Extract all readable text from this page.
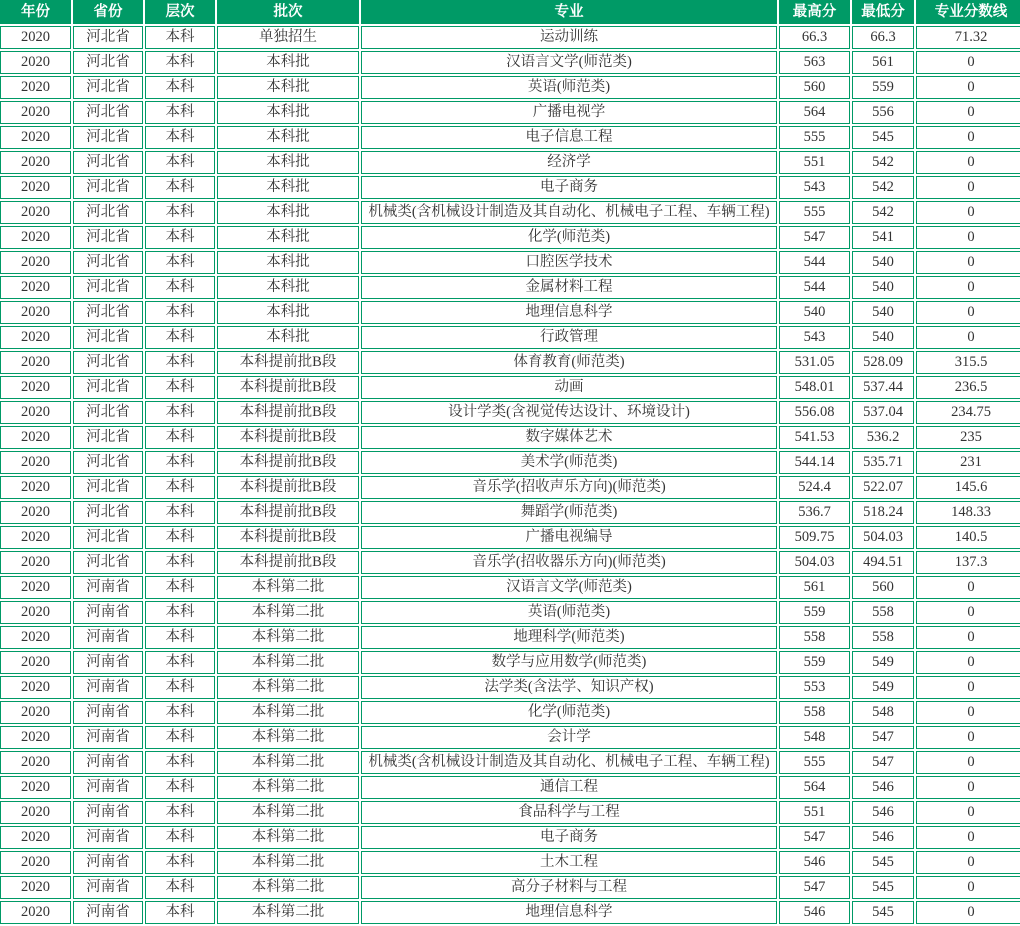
年份	省份	层次	批次	专业	最高分	最低分	专业分数线
2020	河北省	本科	单独招生	运动训练	66.3	66.3	71.32
2020	河北省	本科	本科批	汉语言文学(师范类)	563	561	0
2020	河北省	本科	本科批	英语(师范类)	560	559	0
2020	河北省	本科	本科批	广播电视学	564	556	0
2020	河北省	本科	本科批	电子信息工程	555	545	0
2020	河北省	本科	本科批	经济学	551	542	0
2020	河北省	本科	本科批	电子商务	543	542	0
2020	河北省	本科	本科批	机械类(含机械设计制造及其自动化、机械电子工程、车辆工程)	555	542	0
2020	河北省	本科	本科批	化学(师范类)	547	541	0
2020	河北省	本科	本科批	口腔医学技术	544	540	0
2020	河北省	本科	本科批	金属材料工程	544	540	0
2020	河北省	本科	本科批	地理信息科学	540	540	0
2020	河北省	本科	本科批	行政管理	543	540	0
2020	河北省	本科	本科提前批B段	体育教育(师范类)	531.05	528.09	315.5
2020	河北省	本科	本科提前批B段	动画	548.01	537.44	236.5
2020	河北省	本科	本科提前批B段	设计学类(含视觉传达设计、环境设计)	556.08	537.04	234.75
2020	河北省	本科	本科提前批B段	数字媒体艺术	541.53	536.2	235
2020	河北省	本科	本科提前批B段	美术学(师范类)	544.14	535.71	231
2020	河北省	本科	本科提前批B段	音乐学(招收声乐方向)(师范类)	524.4	522.07	145.6
2020	河北省	本科	本科提前批B段	舞蹈学(师范类)	536.7	518.24	148.33
2020	河北省	本科	本科提前批B段	广播电视编导	509.75	504.03	140.5
2020	河北省	本科	本科提前批B段	音乐学(招收器乐方向)(师范类)	504.03	494.51	137.3
2020	河南省	本科	本科第二批	汉语言文学(师范类)	561	560	0
2020	河南省	本科	本科第二批	英语(师范类)	559	558	0
2020	河南省	本科	本科第二批	地理科学(师范类)	558	558	0
2020	河南省	本科	本科第二批	数学与应用数学(师范类)	559	549	0
2020	河南省	本科	本科第二批	法学类(含法学、知识产权)	553	549	0
2020	河南省	本科	本科第二批	化学(师范类)	558	548	0
2020	河南省	本科	本科第二批	会计学	548	547	0
2020	河南省	本科	本科第二批	机械类(含机械设计制造及其自动化、机械电子工程、车辆工程)	555	547	0
2020	河南省	本科	本科第二批	通信工程	564	546	0
2020	河南省	本科	本科第二批	食品科学与工程	551	546	0
2020	河南省	本科	本科第二批	电子商务	547	546	0
2020	河南省	本科	本科第二批	土木工程	546	545	0
2020	河南省	本科	本科第二批	高分子材料与工程	547	545	0
2020	河南省	本科	本科第二批	地理信息科学	546	545	0
